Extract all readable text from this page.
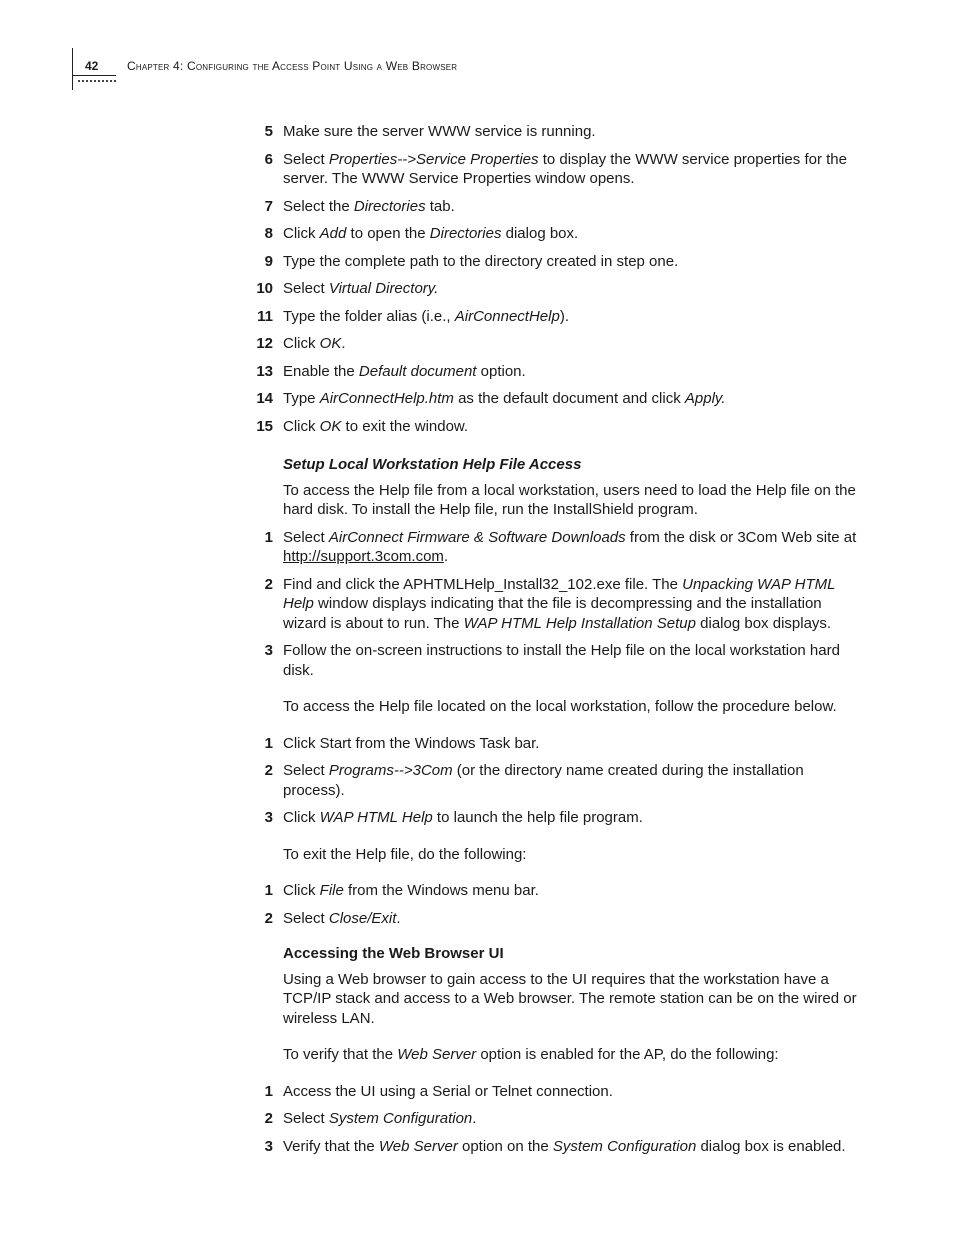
42 Chapter 4: Configuring the Access Point Using a Web Browser
5 Make sure the server WWW service is running.
6 Select Properties-->Service Properties to display the WWW service properties for the server. The WWW Service Properties window opens.
7 Select the Directories tab.
8 Click Add to open the Directories dialog box.
9 Type the complete path to the directory created in step one.
10 Select Virtual Directory.
11 Type the folder alias (i.e., AirConnectHelp).
12 Click OK.
13 Enable the Default document option.
14 Type AirConnectHelp.htm as the default document and click Apply.
15 Click OK to exit the window.
Setup Local Workstation Help File Access
To access the Help file from a local workstation, users need to load the Help file on the hard disk. To install the Help file, run the InstallShield program.
1 Select AirConnect Firmware & Software Downloads from the disk or 3Com Web site at http://support.3com.com.
2 Find and click the APHTMLHelp_Install32_102.exe file. The Unpacking WAP HTML Help window displays indicating that the file is decompressing and the installation wizard is about to run. The WAP HTML Help Installation Setup dialog box displays.
3 Follow the on-screen instructions to install the Help file on the local workstation hard disk.
To access the Help file located on the local workstation, follow the procedure below.
1 Click Start from the Windows Task bar.
2 Select Programs-->3Com (or the directory name created during the installation process).
3 Click WAP HTML Help to launch the help file program.
To exit the Help file, do the following:
1 Click File from the Windows menu bar.
2 Select Close/Exit.
Accessing the Web Browser UI
Using a Web browser to gain access to the UI requires that the workstation have a TCP/IP stack and access to a Web browser. The remote station can be on the wired or wireless LAN.
To verify that the Web Server option is enabled for the AP, do the following:
1 Access the UI using a Serial or Telnet connection.
2 Select System Configuration.
3 Verify that the Web Server option on the System Configuration dialog box is enabled.
